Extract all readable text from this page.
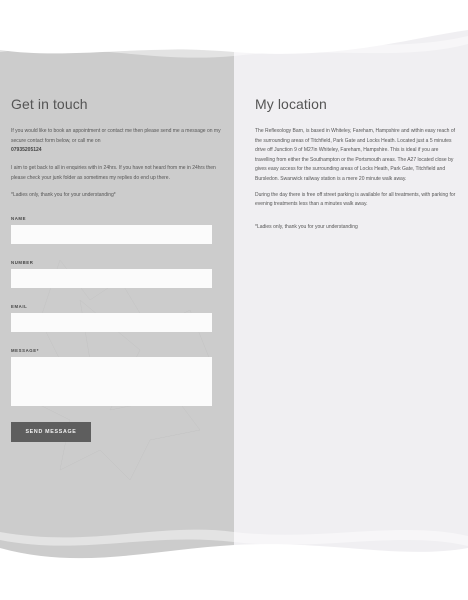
Get in touch

If you would like to book an appointment or contact me then please send me a message on my secure contact form below, or call me on

07935205124

I aim to get back to all in enquiries with in 24hrs. If you have not heard from me in 24hrs then please check your junk folder as sometimes my replies do end up there.

*Ladies only, thank you for your understanding*

NAME
NUMBER
EMAIL
MESSAGE*
SEND MESSAGE
My location

The Reflexology Barn, is based in Whiteley, Fareham, Hampshire and within easy reach of the surrounding areas of Titchfield, Park Gate and Locks Heath. Located just a 5 minutes drive off Junction 9 of M27​in Whiteley, Fareham, Hampshire. This is ideal if you are travelling from either the Southampton or the Portsmouth areas. The A27 located close by gives easy access for the surrounding areas of Locks Heath, Park Gate, Titchfield and Bursledon. Swanwick railway station is a mere 20 minute walk away.

During the day there is free off street parking is available for all treatments, with parking for evening treatments less than a minutes walk away.

*Ladies only, thank you for your understanding
